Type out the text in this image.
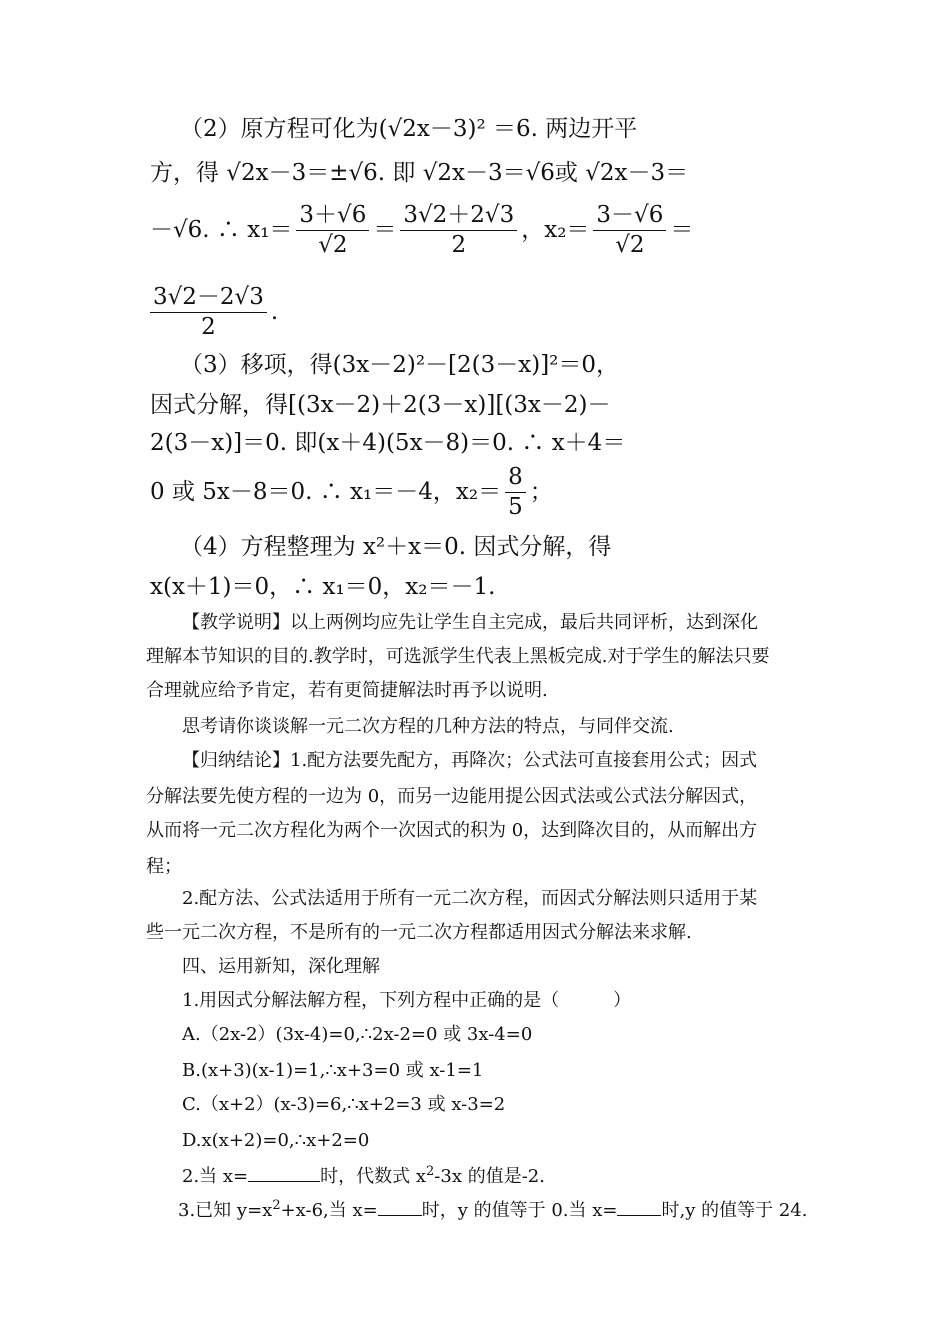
（2）原方程可化为(√2x－3)² ＝6. 两边开平
方，得 √2x－3＝±√6. 即 √2x－3＝√6或 √2x－3＝
－√6. ∴ $x_1= \frac{3+√6}{√2} = \frac{3√2+2√3}{2}$ ，$x_2= \frac{3-√6}{√2}$ ＝
$\frac{3√2-2√3}{2}$ .
（3）移项，得(3x－2)²－[2(3－x)]²＝0，
因式分解，得[(3x－2)＋2(3－x)][(3x－2)－
2(3－x)]＝0. 即(x＋4)(5x－8)＝0. ∴ x＋4＝
0 或 5x－8＝0. ∴ x₁＝－4，$x_2= \frac{8}{5}$ ；
（4）方程整理为 x²＋x＝0. 因式分解，得
x(x＋1)＝0，∴ x₁＝0，x₂＝－1.
【教学说明】以上两例均应先让学生自主完成，最后共同评析，达到深化
理解本节知识的目的.教学时，可选派学生代表上黑板完成.对于学生的解法只要
合理就应给予肯定，若有更简捷解法时再予以说明.
思考请你谈谈解一元二次方程的几种方法的特点，与同伴交流.
【归纳结论】1.配方法要先配方，再降次；公式法可直接套用公式；因式
分解法要先使方程的一边为 0，而另一边能用提公因式法或公式法分解因式，
从而将一元二次方程化为两个一次因式的积为 0，达到降次目的，从而解出方
程；
2.配方法、公式法适用于所有一元二次方程，而因式分解法则只适用于某
些一元二次方程，不是所有的一元二次方程都适用因式分解法来求解.
四、运用新知，深化理解
1.用因式分解法解方程，下列方程中正确的是（　　　）
A.（2x-2）(3x-4)=0,∴2x-2=0 或 3x-4=0
B.(x+3)(x-1)=1,∴x+3=0 或 x-1=1
C.（x+2）(x-3)=6,∴x+2=3 或 x-3=2
D.x(x+2)=0,∴x+2=0
2.当 x=	时，代数式 $x^2-3x$ 的值是-2.
3.已知 $y=x^2+x-6$,当 x= 时，y 的值等于 0.当 x= 时,y 的值等于 24.
